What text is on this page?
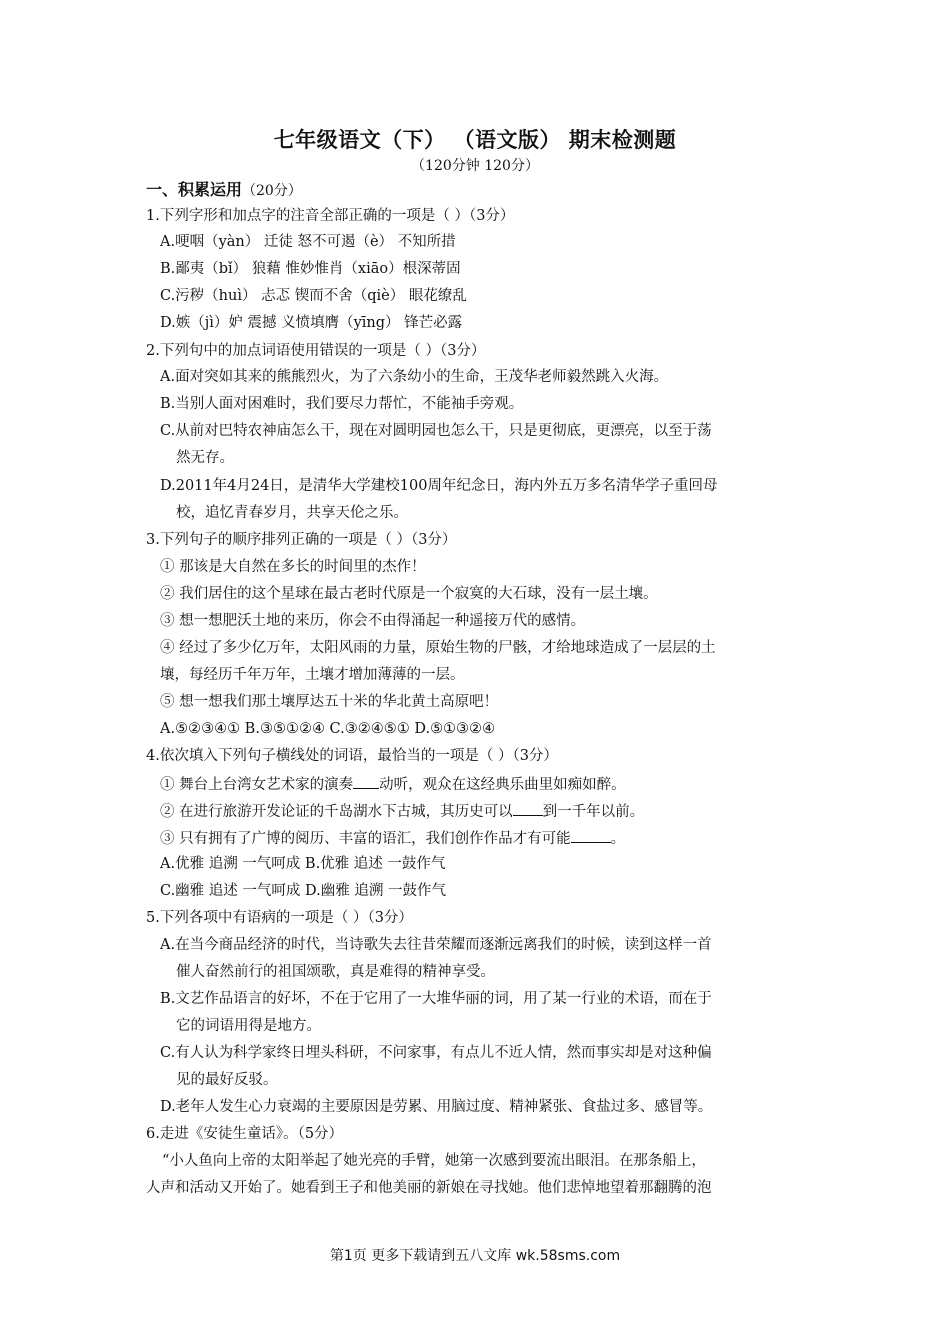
七年级语文（下） （语文版） 期末检测题
（120分钟 120分）
一、积累运用（20分）
1.下列字形和加点字的注音全部正确的一项是（ ）（3分）
A.哽咽（yàn） 迁徒 怒不可遏（è） 不知所措
B.鄙夷（bǐ） 狼藉 惟妙惟肖（xiāo）根深蒂固
C.污秽（huì） 忐忑 锲而不舍（qiè） 眼花缭乱
D.嫉（jì）妒 震撼 义愤填膺（yīng） 锋芒必露
2.下列句中的加点词语使用错误的一项是（ ）（3分）
A.面对突如其来的熊熊烈火，为了六条幼小的生命，王茂华老师毅然跳入火海。
B.当别人面对困难时，我们要尽力帮忙，不能袖手旁观。
C.从前对巴特农神庙怎么干，现在对圆明园也怎么干，只是更彻底，更漂亮，以至于荡
然无存。
D.2011年4月24日，是清华大学建校100周年纪念日，海内外五万多名清华学子重回母
校，追忆青春岁月，共享天伦之乐。
3.下列句子的顺序排列正确的一项是（ ）（3分）
① 那该是大自然在多长的时间里的杰作！
② 我们居住的这个星球在最古老时代原是一个寂寞的大石球，没有一层土壤。
③ 想一想肥沃土地的来历，你会不由得涌起一种遥接万代的感情。
④ 经过了多少亿万年，太阳风雨的力量，原始生物的尸骸，才给地球造成了一层层的土
壤，每经历千年万年，土壤才增加薄薄的一层。
⑤ 想一想我们那土壤厚达五十米的华北黄土高原吧！
A.⑤②③④① B.③⑤①②④ C.③②④⑤① D.⑤①③②④
4.依次填入下列句子横线处的词语，最恰当的一项是（ ）（3分）
① 舞台上台湾女艺术家的演奏 动听，观众在这经典乐曲里如痴如醉。
② 在进行旅游开发论证的千岛湖水下古城，其历史可以 到一千年以前。
③ 只有拥有了广博的阅历、丰富的语汇，我们创作作品才有可能	。
A.优雅 追溯 一气呵成 B.优雅 追述 一鼓作气
C.幽雅 追述 一气呵成 D.幽雅 追溯 一鼓作气
5.下列各项中有语病的一项是（ ）（3分）
A.在当今商品经济的时代，当诗歌失去往昔荣耀而逐渐远离我们的时候，读到这样一首
催人奋然前行的祖国颂歌，真是难得的精神享受。
B.文艺作品语言的好坏，不在于它用了一大堆华丽的词，用了某一行业的术语，而在于
它的词语用得是地方。
C.有人认为科学家终日埋头科研，不问家事，有点儿不近人情，然而事实却是对这种偏
见的最好反驳。
D.老年人发生心力衰竭的主要原因是劳累、用脑过度、精神紧张、食盐过多、感冒等。
6.走进《安徒生童话》。（5分）
“小人鱼向上帝的太阳举起了她光亮的手臂，她第一次感到要流出眼泪。在那条船上，
人声和活动又开始了。她看到王子和他美丽的新娘在寻找她。他们悲悼地望着那翻腾的泡
第1页 更多下载请到五八文库 wk.58sms.com
